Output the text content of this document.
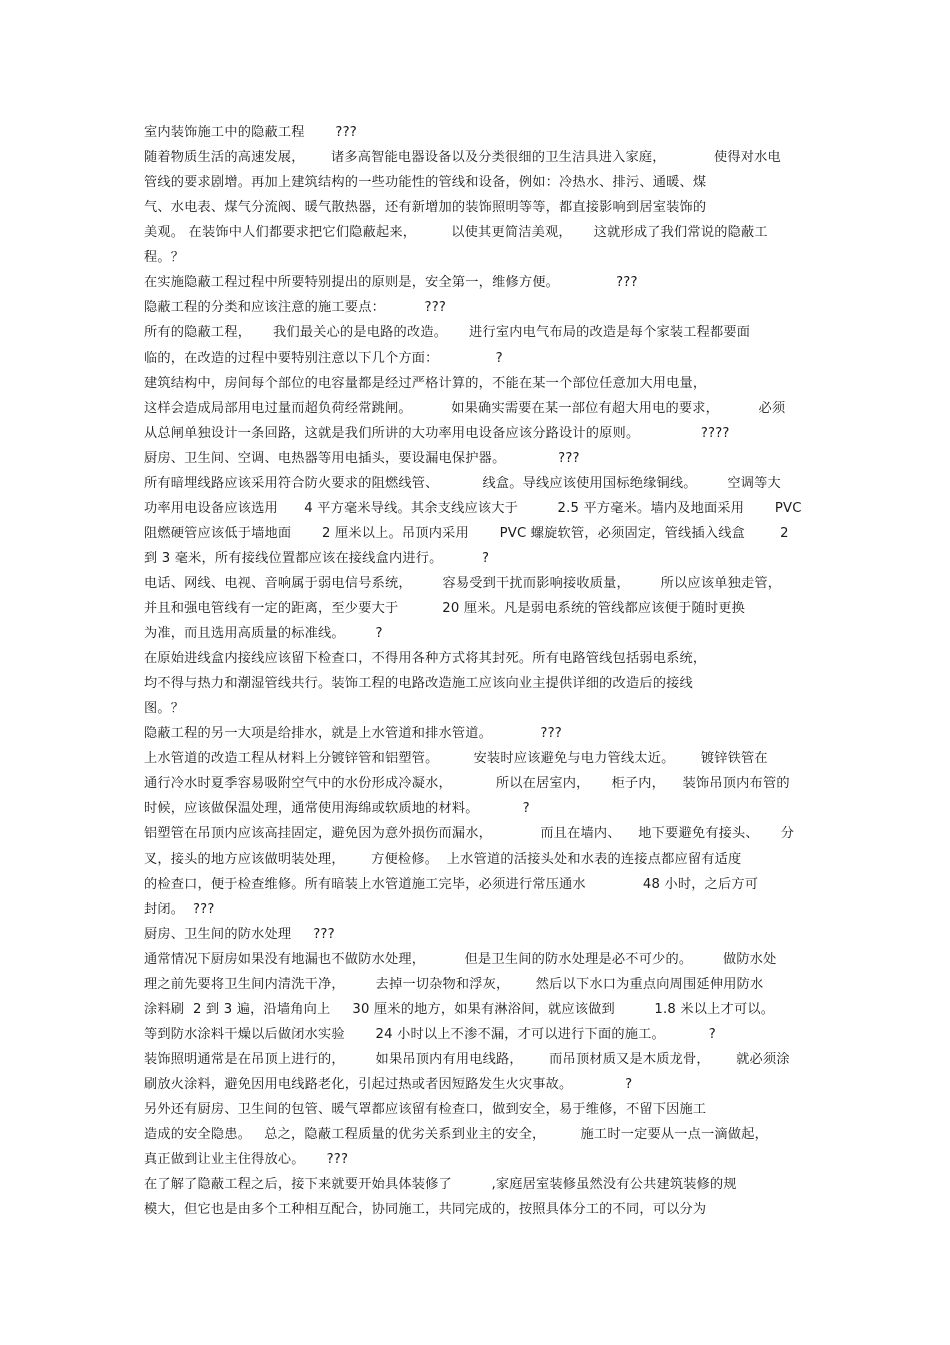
室内装饰施工中的隐蔽工程       ???
随着物质生活的高速发展，      诸多高智能电器设备以及分类很细的卫生洁具进入家庭，           使得对水电
管线的要求剧增。再加上建筑结构的一些功能性的管线和设备，例如：冷热水、排污、通暖、煤
气、水电表、煤气分流阀、暖气散热器，还有新增加的装饰照明等等，都直接影响到居室装饰的
美观。 在装饰中人们都要求把它们隐蔽起来，        以使其更简洁美观，     这就形成了我们常说的隐蔽工
程。？
在实施隐蔽工程过程中所要特别提出的原则是，安全第一，维修方便。             ???
隐蔽工程的分类和应该注意的施工要点：         ???
所有的隐蔽工程，     我们最关心的是电路的改造。     进行室内电气布局的改造是每个家装工程都要面
临的，在改造的过程中要特别注意以下几个方面：             ?
建筑结构中，房间每个部位的电容量都是经过严格计算的，不能在某一个部位任意加大用电量，
这样会造成局部用电过量而超负荷经常跳闸。         如果确实需要在某一部位有超大用电的要求，         必须
从总闸单独设计一条回路，这就是我们所讲的大功率用电设备应该分路设计的原则。              ????
厨房、卫生间、空调、电热器等用电插头，要设漏电保护器。            ???
所有暗埋线路应该采用符合防火要求的阻燃线管、          线盒。导线应该使用国标绝缘铜线。       空调等大
功率用电设备应该选用      4 平方毫米导线。其余支线应该大于         2.5 平方毫米。墙内及地面采用       PVC
阻燃硬管应该低于墙地面       2 厘米以上。吊顶内采用       PVC 螺旋软管，必须固定，管线插入线盒        2
到 3 毫米，所有接线位置都应该在接线盒内进行。         ?
电话、网线、电视、音响属于弱电信号系统，       容易受到干扰而影响接收质量，       所以应该单独走管，
并且和强电管线有一定的距离，至少要大于          20 厘米。凡是弱电系统的管线都应该便于随时更换
为准，而且选用高质量的标准线。       ?
在原始进线盒内接线应该留下检查口，不得用各种方式将其封死。所有电路管线包括弱电系统，
均不得与热力和潮湿管线共行。装饰工程的电路改造施工应该向业主提供详细的改造后的接线
图。？
隐蔽工程的另一大项是给排水，就是上水管道和排水管道。           ???
上水管道的改造工程从材料上分镀锌管和铝塑管。        安装时应该避免与电力管线太近。      镀锌铁管在
通行冷水时夏季容易吸附空气中的水份形成冷凝水，          所以在居室内，     柜子内，    装饰吊顶内布管的
时候，应该做保温处理，通常使用海绵或软质地的材料。          ?
铝塑管在吊顶内应该高挂固定，避免因为意外损伤而漏水，           而且在墙内、    地下要避免有接头、     分
叉，接头的地方应该做明装处理，      方便检修。  上水管道的活接头处和水表的连接点都应留有适度
的检查口，便于检查维修。所有暗装上水管道施工完毕，必须进行常压通水             48 小时，之后方可
封闭。  ???
厨房、卫生间的防水处理     ???
通常情况下厨房如果没有地漏也不做防水处理，         但是卫生间的防水处理是必不可少的。       做防水处
理之前先要将卫生间内清洗干净，       去掉一切杂物和浮灰，      然后以下水口为重点向周围延伸用防水
涂料刷  2 到 3 遍，沿墙角向上     30 厘米的地方，如果有淋浴间，就应该做到         1.8 米以上才可以。
等到防水涂料干燥以后做闭水实验       24 小时以上不渗不漏，才可以进行下面的施工。          ?
装饰照明通常是在吊顶上进行的，       如果吊顶内有用电线路，      而吊顶材质又是木质龙骨，      就必须涂
刷放火涂料，避免因用电线路老化，引起过热或者因短路发生火灾事故。            ?
另外还有厨房、卫生间的包管、暖气罩都应该留有检查口，做到安全，易于维修，不留下因施工
造成的安全隐患。   总之，隐蔽工程质量的优劣关系到业主的安全，        施工时一定要从一点一滴做起，
真正做到让业主住得放心。     ???
在了解了隐蔽工程之后，接下来就要开始具体装修了         ,家庭居室装修虽然没有公共建筑装修的规
模大，但它也是由多个工种相互配合，协同施工，共同完成的，按照具体分工的不同，可以分为
